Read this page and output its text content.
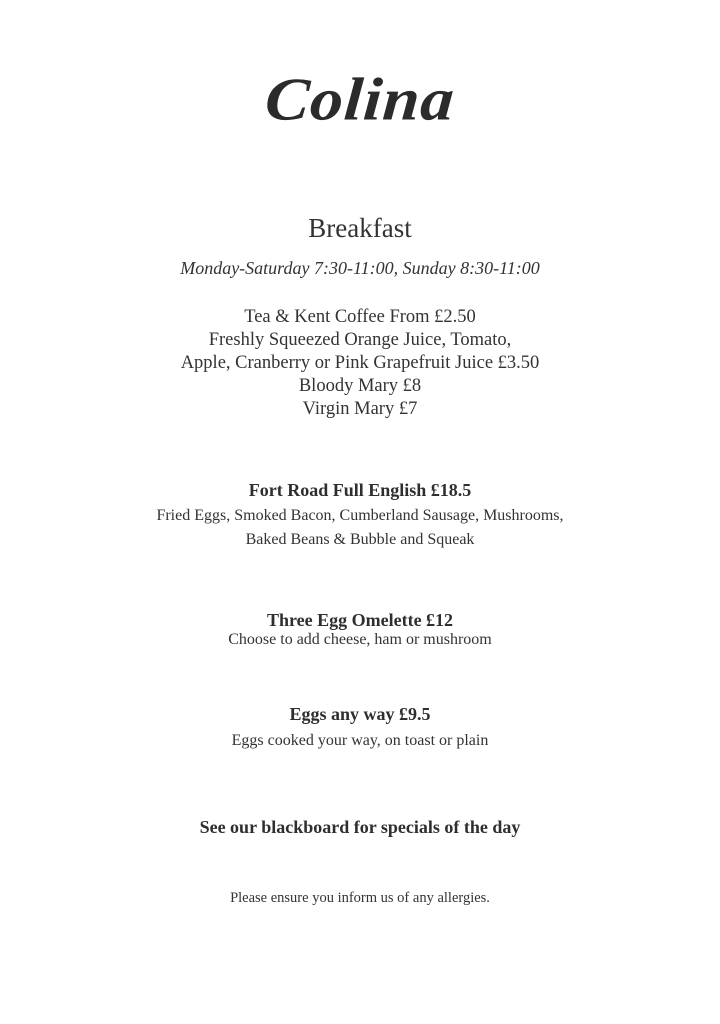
Colina
Breakfast
Monday-Saturday 7:30-11:00, Sunday 8:30-11:00
Tea & Kent Coffee From £2.50
Freshly Squeezed Orange Juice, Tomato,
Apple, Cranberry or Pink Grapefruit Juice £3.50
Bloody Mary £8
Virgin Mary £7
Fort Road Full English £18.5
Fried Eggs, Smoked Bacon, Cumberland Sausage, Mushrooms,
Baked Beans & Bubble and Squeak
Three Egg Omelette £12
Choose to add cheese, ham or mushroom
Eggs any way £9.5
Eggs cooked your way, on toast or plain
See our blackboard for specials of the day
Please ensure you inform us of any allergies.
